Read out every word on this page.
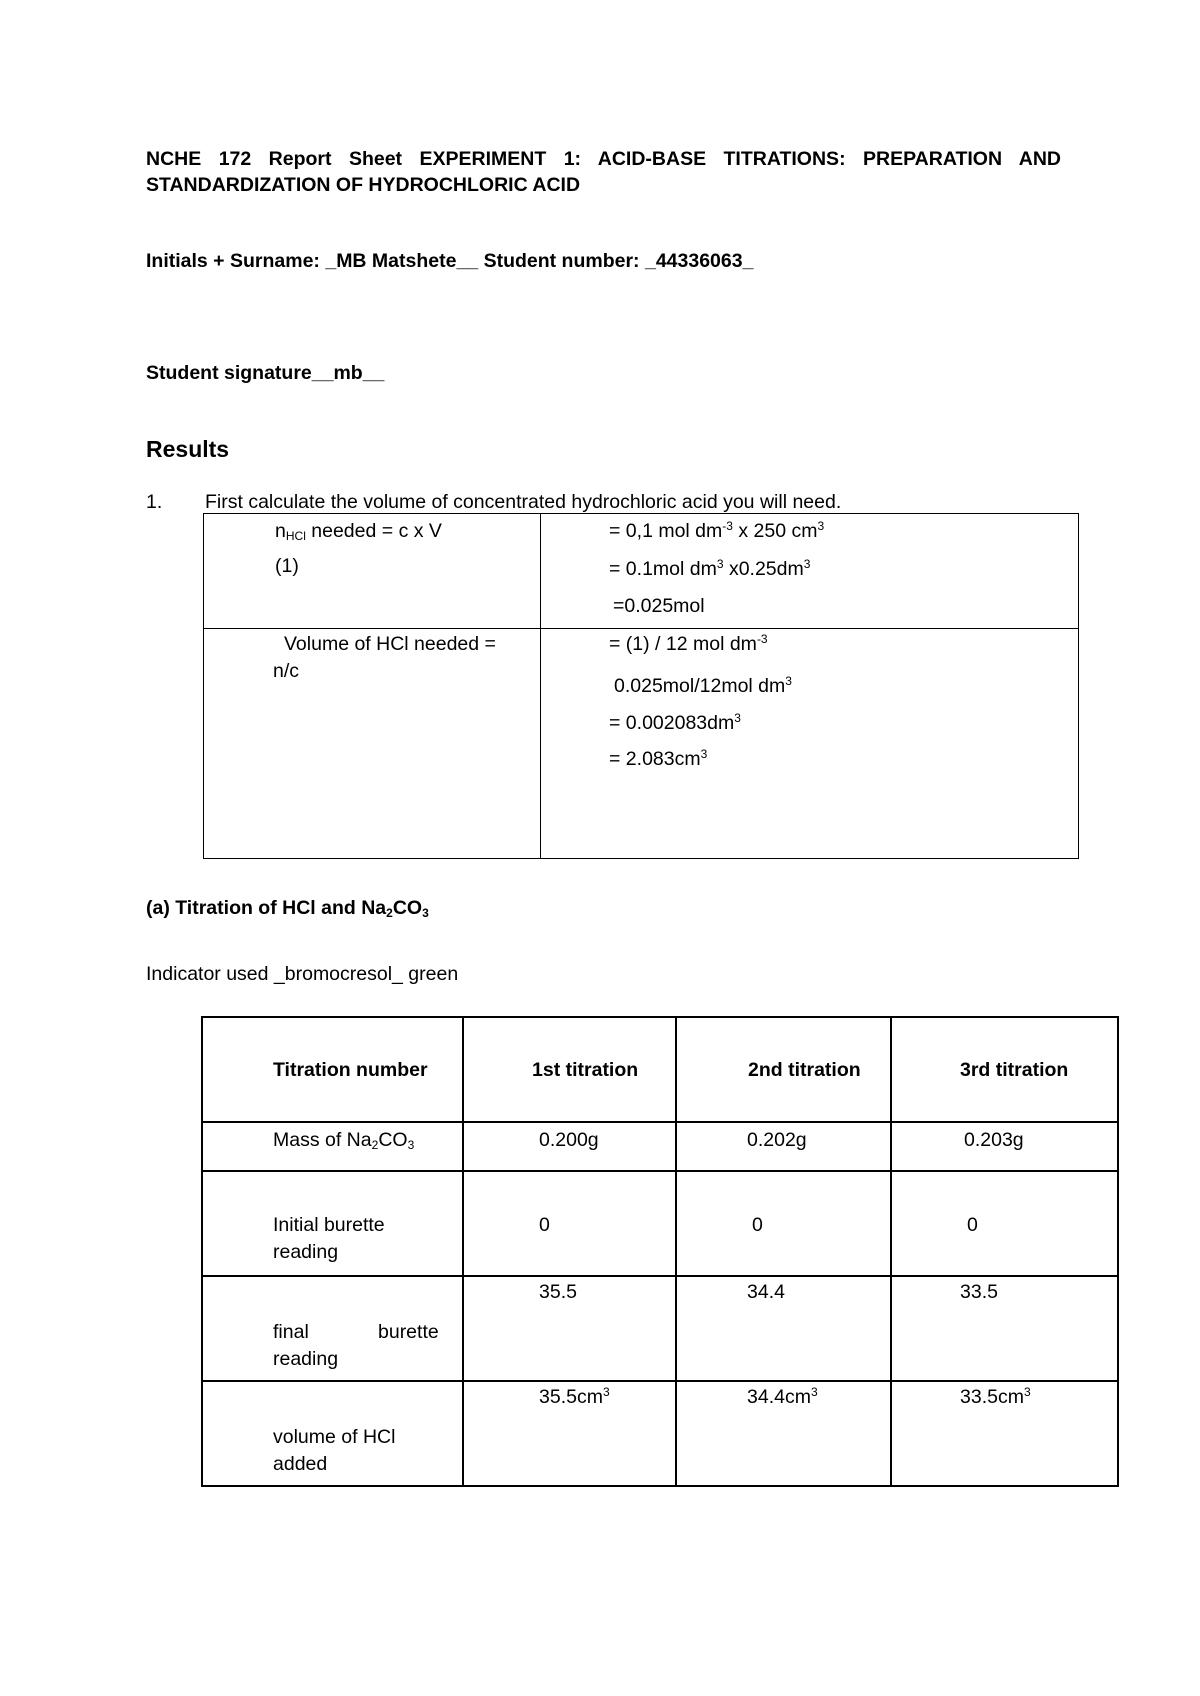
NCHE 172 Report Sheet EXPERIMENT 1: ACID-BASE TITRATIONS: PREPARATION AND STANDARDIZATION OF HYDROCHLORIC ACID
Initials + Surname: _MB Matshete__ Student number: _44336063_
Student signature__mb__
Results
1. First calculate the volume of concentrated hydrochloric acid you will need.
$n_{HCl}$ needed = c x V
(1)	= 0,1 mol $dm^{-3}$ x 250 $cm^3$
= 0.1mol $dm^3$ $x0.25dm^3$
=0.025mol

Volume of HCl needed =
n/c	= (1) / 12 mol $dm^{-3}$
0.025mol/12mol $dm^3$
= $0.002083dm^3$
= $2.083cm^3$
(a) Titration of HCl and $Na_2CO_3$
Indicator used _bromocresol_ green
Titration number	1st titration	2nd titration	3rd titration

Mass of $Na_2CO_3$	0.200g	0.202g	0.203g

Initial burette
reading	0	0	0

final burette
reading	35.5	34.4	33.5

volume of HCl
added	$35.5cm^3$	$34.4cm^3$	$33.5cm^3$
